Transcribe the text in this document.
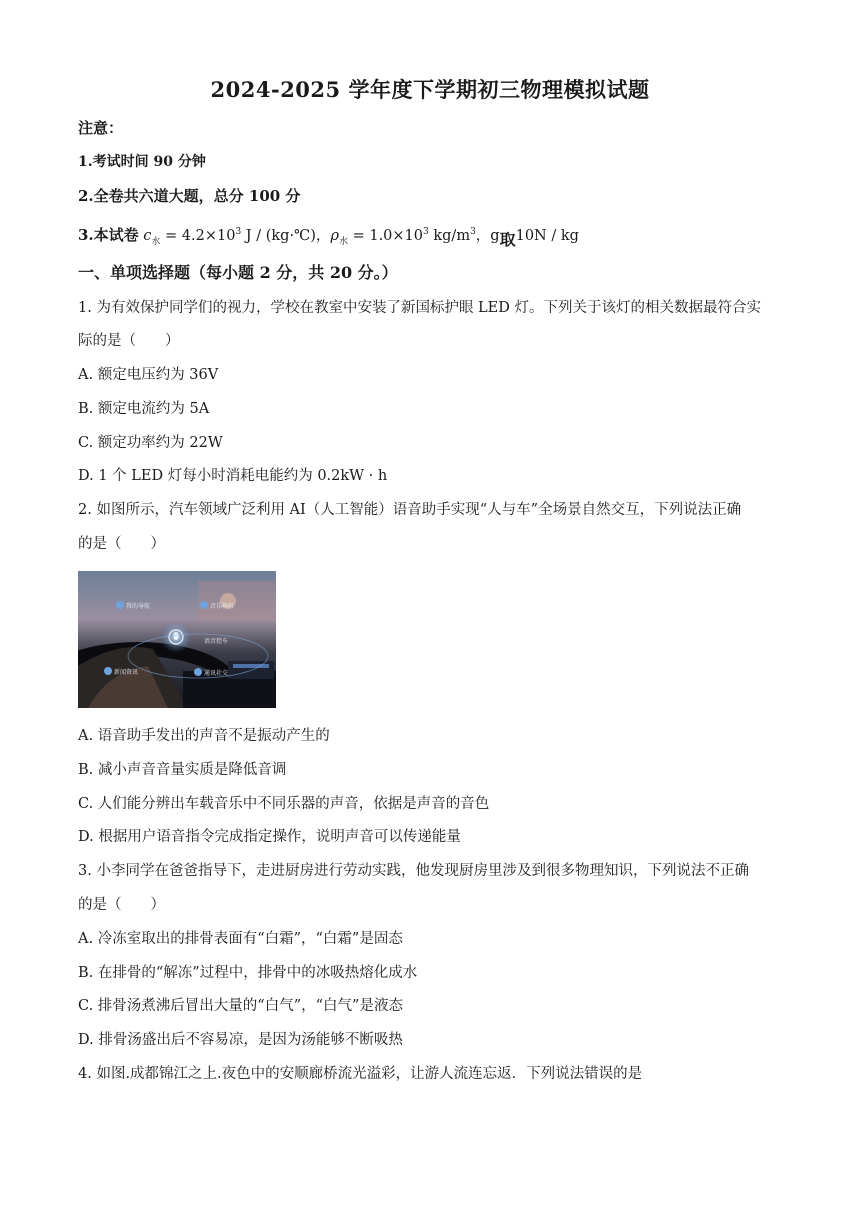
2024-2025 学年度下学期初三物理模拟试题
注意：
1.考试时间 90 分钟
2.全卷共六道大题，总分 100 分
3.本试卷 $c_水 = 4.2\times 10^3$ J / (kg·℃)，$\rho_水 = 1.0\times 10^3$ $kg/m^3$，g取10N / kg
一、单项选择题（每小题 2 分，共 20 分。）
1. 为有效保护同学们的视力，学校在教室中安装了新国标护眼 LED 灯。下列关于该灯的相关数据最符合实
际的是（　　）
A. 额定电压约为 36V
B. 额定电流约为 5A
C. 额定功率约为 22W
D. 1 个 LED 灯每小时消耗电能约为 0.2kW · h
2. 如图所示，汽车领域广泛利用 AI（人工智能）语音助手实现“人与车”全场景自然交互，下列说法正确
的是（　　）
我的导航	音乐畅听
语音控车
新闻资讯	通讯社交
A. 语音助手发出的声音不是振动产生的
B. 减小声音音量实质是降低音调
C. 人们能分辨出车载音乐中不同乐器的声音，依据是声音的音色
D. 根据用户语音指令完成指定操作，说明声音可以传递能量
3. 小李同学在爸爸指导下，走进厨房进行劳动实践，他发现厨房里涉及到很多物理知识，下列说法不正确
的是（　　）
A. 冷冻室取出的排骨表面有“白霜”，“白霜”是固态
B. 在排骨的“解冻”过程中，排骨中的冰吸热熔化成水
C. 排骨汤煮沸后冒出大量的“白气”，“白气”是液态
D. 排骨汤盛出后不容易凉，是因为汤能够不断吸热
4. 如图.成都锦江之上.夜色中的安顺廊桥流光溢彩，让游人流连忘返．下列说法错误的是
